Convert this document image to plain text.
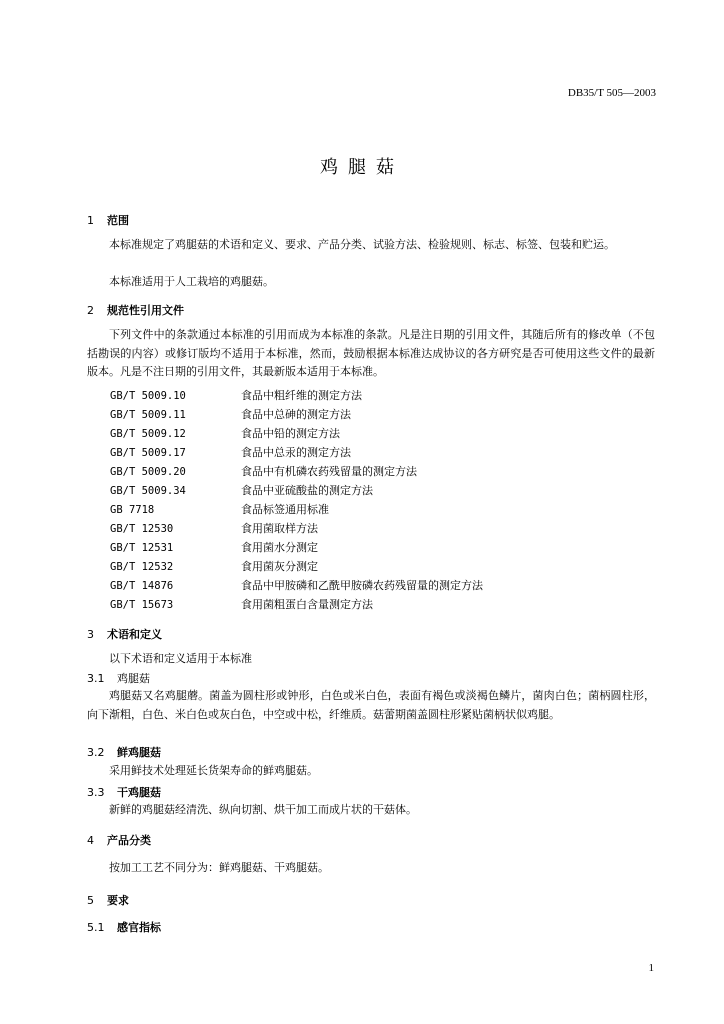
DB35/T 505—2003
鸡腿菇
1 范围
本标准规定了鸡腿菇的术语和定义、要求、产品分类、试验方法、检验规则、标志、标签、包装和贮运。
本标准适用于人工栽培的鸡腿菇。
2 规范性引用文件
下列文件中的条款通过本标准的引用而成为本标准的条款。凡是注日期的引用文件，其随后所有的修改单（不包括勘误的内容）或修订版均不适用于本标准，然而，鼓励根据本标准达成协议的各方研究是否可使用这些文件的最新版本。凡是不注日期的引用文件，其最新版本适用于本标准。
GB/T 5009.10	食品中粗纤维的测定方法
GB/T 5009.11	食品中总砷的测定方法
GB/T 5009.12	食品中铅的测定方法
GB/T 5009.17	食品中总汞的测定方法
GB/T 5009.20	食品中有机磷农药残留量的测定方法
GB/T 5009.34	食品中亚硫酸盐的测定方法
GB 7718	食品标签通用标准
GB/T 12530	食用菌取样方法
GB/T 12531	食用菌水分测定
GB/T 12532	食用菌灰分测定
GB/T 14876	食品中甲胺磷和乙酰甲胺磷农药残留量的测定方法
GB/T 15673	食用菌粗蛋白含量测定方法
3 术语和定义
以下术语和定义适用于本标准
3.1 鸡腿菇
鸡腿菇又名鸡腿蘑。菌盖为圆柱形或钟形，白色或米白色，表面有褐色或淡褐色鳞片，菌肉白色；菌柄圆柱形，向下渐粗，白色、米白色或灰白色，中空或中松，纤维质。菇蕾期菌盖圆柱形紧贴菌柄状似鸡腿。
3.2 鲜鸡腿菇
采用鲜技术处理延长货架寿命的鲜鸡腿菇。
3.3 干鸡腿菇
新鲜的鸡腿菇经清洗、纵向切割、烘干加工而成片状的干菇体。
4 产品分类
按加工工艺不同分为：鲜鸡腿菇、干鸡腿菇。
5 要求
5.1 感官指标
1
